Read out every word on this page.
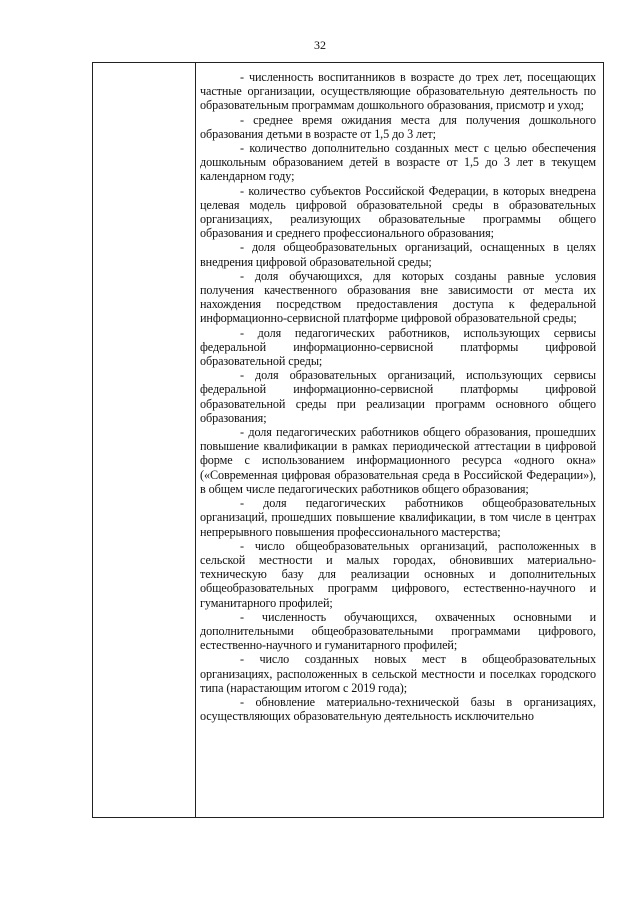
32

- численность воспитанников в возрасте до трех лет, посещающих частные организации, осуществляющие образовательную деятельность по образовательным программам дошкольного образования, присмотр и уход;

- среднее время ожидания места для получения дошкольного образования детьми в возрасте от 1,5 до 3 лет;

- количество дополнительно созданных мест с целью обеспечения дошкольным образованием детей в возрасте от 1,5 до 3 лет в текущем календарном году;

- количество субъектов Российской Федерации, в которых внедрена целевая модель цифровой образовательной среды в образовательных организациях, реализующих образовательные программы общего образования и среднего профессионального образования;

- доля общеобразовательных организаций, оснащенных в целях внедрения цифровой образовательной среды;

- доля обучающихся, для которых созданы равные условия получения качественного образования вне зависимости от места их нахождения посредством предоставления доступа к федеральной информационно-сервисной платформе цифровой образовательной среды;

- доля педагогических работников, использующих сервисы федеральной информационно-сервисной платформы цифровой образовательной среды;

- доля образовательных организаций, использующих сервисы федеральной информационно-сервисной платформы цифровой образовательной среды при реализации программ основного общего образования;

- доля педагогических работников общего образования, прошедших повышение квалификации в рамках периодической аттестации в цифровой форме с использованием информационного ресурса «одного окна» («Современная цифровая образовательная среда в Российской Федерации»), в общем числе педагогических работников общего образования;

- доля педагогических работников общеобразовательных организаций, прошедших повышение квалификации, в том числе в центрах непрерывного повышения профессионального мастерства;

- число общеобразовательных организаций, расположенных в сельской местности и малых городах, обновивших материально-техническую базу для реализации основных и дополнительных общеобразовательных программ цифрового, естественно-научного и гуманитарного профилей;

- численность обучающихся, охваченных основными и дополнительными общеобразовательными программами цифрового, естественно-научного и гуманитарного профилей;

- число созданных новых мест в общеобразовательных организациях, расположенных в сельской местности и поселках городского типа (нарастающим итогом с 2019 года);

- обновление материально-технической базы в организациях, осуществляющих образовательную деятельность исключительно
